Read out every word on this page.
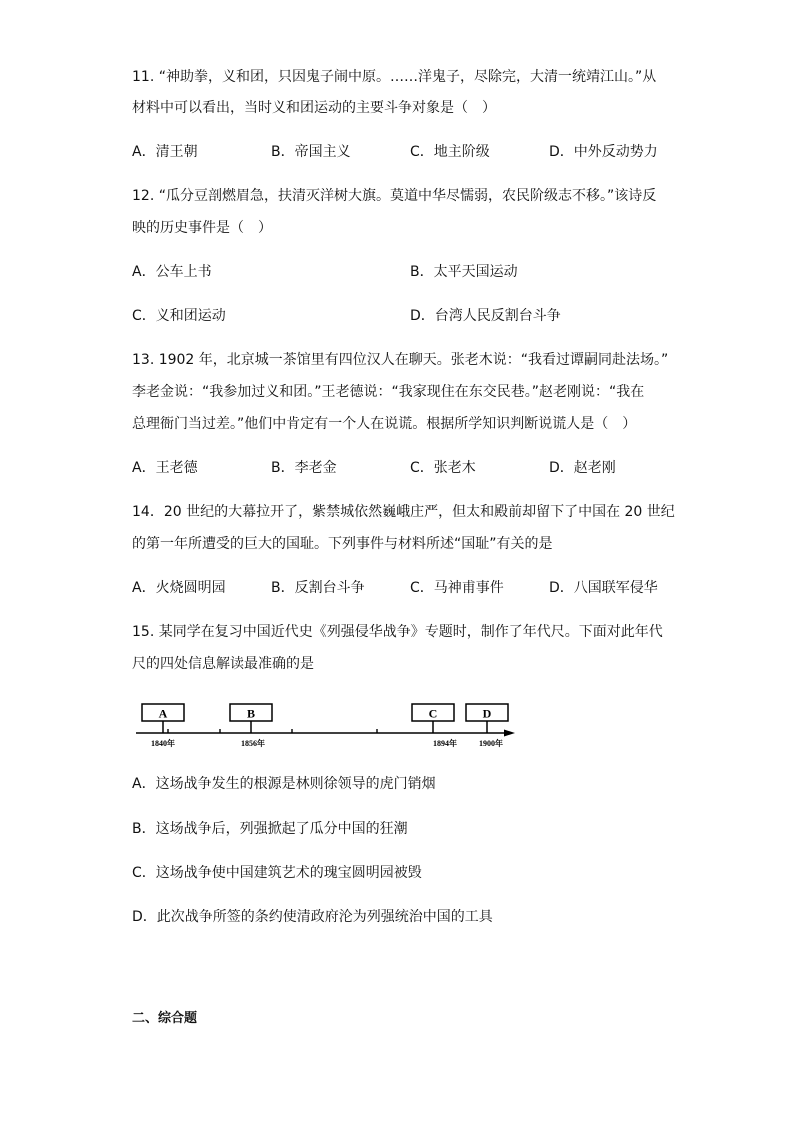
11. “神助拳，义和团，只因鬼子闹中原。……洋鬼子，尽除完，大清一统靖江山。”从
材料中可以看出，当时义和团运动的主要斗争对象是（　）
A．清王朝	B．帝国主义	C．地主阶级	D．中外反动势力
12. “瓜分豆剖燃眉急，扶清灭洋树大旗。莫道中华尽懦弱，农民阶级志不移。”该诗反
映的历史事件是（　）
A．公车上书	B．太平天国运动
C．义和团运动	D．台湾人民反割台斗争
13. 1902 年，北京城一茶馆里有四位汉人在聊天。张老木说：“我看过谭嗣同赴法场。”
李老金说：“我参加过义和团。”王老德说：“我家现住在东交民巷。”赵老刚说：“我在
总理衙门当过差。”他们中肯定有一个人在说谎。根据所学知识判断说谎人是（　）
A．王老德	B．李老金	C．张老木	D．赵老刚
14．20 世纪的大幕拉开了，紫禁城依然巍峨庄严，但太和殿前却留下了中国在 20 世纪
的第一年所遭受的巨大的国耻。下列事件与材料所述“国耻”有关的是
A．火烧圆明园	B．反割台斗争	C．马神甫事件	D．八国联军侵华
15. 某同学在复习中国近代史《列强侵华战争》专题时，制作了年代尺。下面对此年代
尺的四处信息解读最准确的是
A	B	C	D
1840年	1856年	1894年	1900年
A．这场战争发生的根源是林则徐领导的虎门销烟
B．这场战争后，列强掀起了瓜分中国的狂潮
C．这场战争使中国建筑艺术的瑰宝圆明园被毁
D．此次战争所签的条约使清政府沦为列强统治中国的工具
二、综合题
